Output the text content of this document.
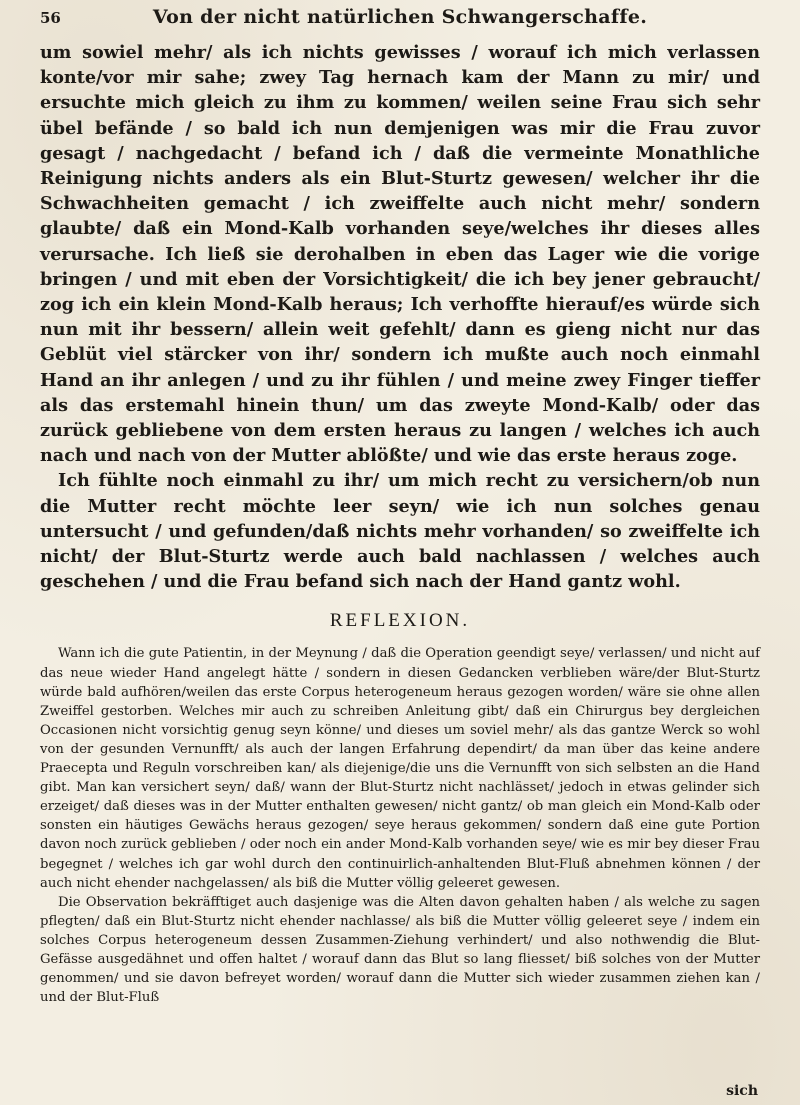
56	Von der nicht natürlichen Schwangerschaffe.

um sowiel mehr/ als ich nichts gewisses / worauf ich mich verlassen konte/vor mir sahe; zwey Tag hernach kam der Mann zu mir/ und ersuchte mich gleich zu ihm zu kommen/ weilen seine Frau sich sehr übel befände / so bald ich nun demjenigen was mir die Frau zuvor gesagt / nachgedacht / befand ich / daß die vermeinte Monathliche Reinigung nichts anders als ein Blut-Sturtz gewesen/ welcher ihr die Schwachheiten gemacht / ich zweiffelte auch nicht mehr/ sondern glaubte/ daß ein Mond-Kalb vorhanden seye/welches ihr dieses alles verursache. Ich ließ sie derohalben in eben das Lager wie die vorige bringen / und mit eben der Vorsichtigkeit/ die ich bey jener gebraucht/ zog ich ein klein Mond-Kalb heraus; Ich verhoffte hierauf/es würde sich nun mit ihr bessern/ allein weit gefehlt/ dann es gieng nicht nur das Geblüt viel stärcker von ihr/ sondern ich mußte auch noch einmahl Hand an ihr anlegen / und zu ihr fühlen / und meine zwey Finger tieffer als das erstemahl hinein thun/ um das zweyte Mond-Kalb/ oder das zurück gebliebene von dem ersten heraus zu langen / welches ich auch nach und nach von der Mutter ablößte/ und wie das erste heraus zoge.

Ich fühlte noch einmahl zu ihr/ um mich recht zu versichern/ob nun die Mutter recht möchte leer seyn/ wie ich nun solches genau untersucht / und gefunden/daß nichts mehr vorhanden/ so zweiffelte ich nicht/ der Blut-Sturtz werde auch bald nachlassen / welches auch geschehen / und die Frau befand sich nach der Hand gantz wohl.

REFLEXION.

Wann ich die gute Patientin, in der Meynung / daß die Operation geendigt seye/ verlassen/ und nicht auf das neue wieder Hand angelegt hätte / sondern in diesen Gedancken verblieben wäre/der Blut-Sturtz würde bald aufhören/weilen das erste Corpus heterogeneum heraus gezogen worden/ wäre sie ohne allen Zweiffel gestorben. Welches mir auch zu schreiben Anleitung gibt/ daß ein Chirurgus bey dergleichen Occasionen nicht vorsichtig genug seyn könne/ und dieses um soviel mehr/ als das gantze Werck so wohl von der gesunden Vernunfft/ als auch der langen Erfahrung dependirt/ da man über das keine andere Praecepta und Reguln vorschreiben kan/ als diejenige/die uns die Vernunfft von sich selbsten an die Hand gibt. Man kan versichert seyn/ daß/ wann der Blut-Sturtz nicht nachlässet/ jedoch in etwas gelinder sich erzeiget/ daß dieses was in der Mutter enthalten gewesen/ nicht gantz/ ob man gleich ein Mond-Kalb oder sonsten ein häutiges Gewächs heraus gezogen/ seye heraus gekommen/ sondern daß eine gute Portion davon noch zurück geblieben / oder noch ein ander Mond-Kalb vorhanden seye/ wie es mir bey dieser Frau begegnet / welches ich gar wohl durch den continuirlich-anhaltenden Blut-Fluß abnehmen können / der auch nicht ehender nachgelassen/ als biß die Mutter völlig geleeret gewesen.

Die Observation bekräfftiget auch dasjenige was die Alten davon gehalten haben / als welche zu sagen pflegten/ daß ein Blut-Sturtz nicht ehender nachlasse/ als biß die Mutter völlig geleeret seye / indem ein solches Corpus heterogeneum dessen Zusammen-Ziehung verhindert/ und also nothwendig die Blut-Gefässe ausgedähnet und offen haltet / worauf dann das Blut so lang fliesset/ biß solches von der Mutter genommen/ und sie davon befreyet worden/ worauf dann die Mutter sich wieder zusammen ziehen kan / und der Blut-Fluß

sich
